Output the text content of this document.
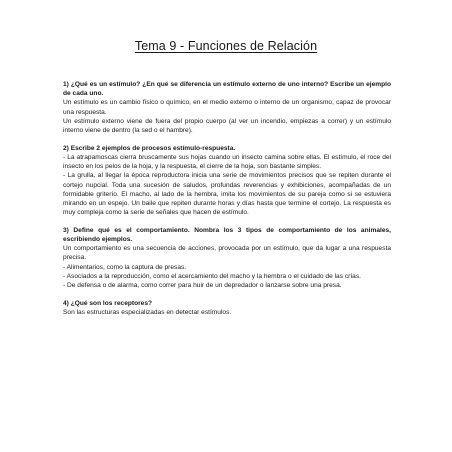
Tema 9 - Funciones de Relación

1) ¿Qué es un estímulo? ¿En qué se diferencia un estímulo externo de uno interno? Escribe un ejemplo de cada uno.

Un estímulo es un cambio físico o químico, en el medio externo o interno de un organismo, capaz de provocar una respuesta.

Un estímulo externo viene de fuera del propio cuerpo (al ver un incendio, empiezas a correr) y un estímulo interno viene de dentro (la sed o el hambre).

2) Escribe 2 ejemplos de procesos estímulo-respuesta.

- La atrapamoscas cierra bruscamente sus hojas cuando un insecto camina sobre ellas. El estímulo, el roce del insecto en los pelos de la hoja, y la respuesta, el cierre de la hoja, son bastante simples.

- La grulla, al llegar la época reproductora inicia una serie de movimientos precisos que se repiten durante el cortejo nupcial. Toda una sucesión de saludos, profundas reverencias y exhibiciones, acompañadas de un formidable griterío. El macho, al lado de la hembra, imita los movimientos de su pareja como si se estuviera mirando en un espejo. Un baile que repiten durante horas y días hasta que termine el cortejo. La respuesta es muy compleja como la serie de señales que hacen de estímulo.

3) Define qué es el comportamiento. Nombra los 3 tipos de comportamiento de los animales, escribiendo ejemplos.

Un comportamiento es una secuencia de acciones, provocada por un estímulo, que da lugar a una respuesta precisa.

- Alimentarios, como la captura de presas.

- Asociados a la reproducción, como el acercamiento del macho y la hembra o el cuidado de las crías.

- De defensa o de alarma, como correr para huir de un depredador o lanzarse sobre una presa.

4) ¿Qué son los receptores?

Son las estructuras especializadas en detectar estímulos.
